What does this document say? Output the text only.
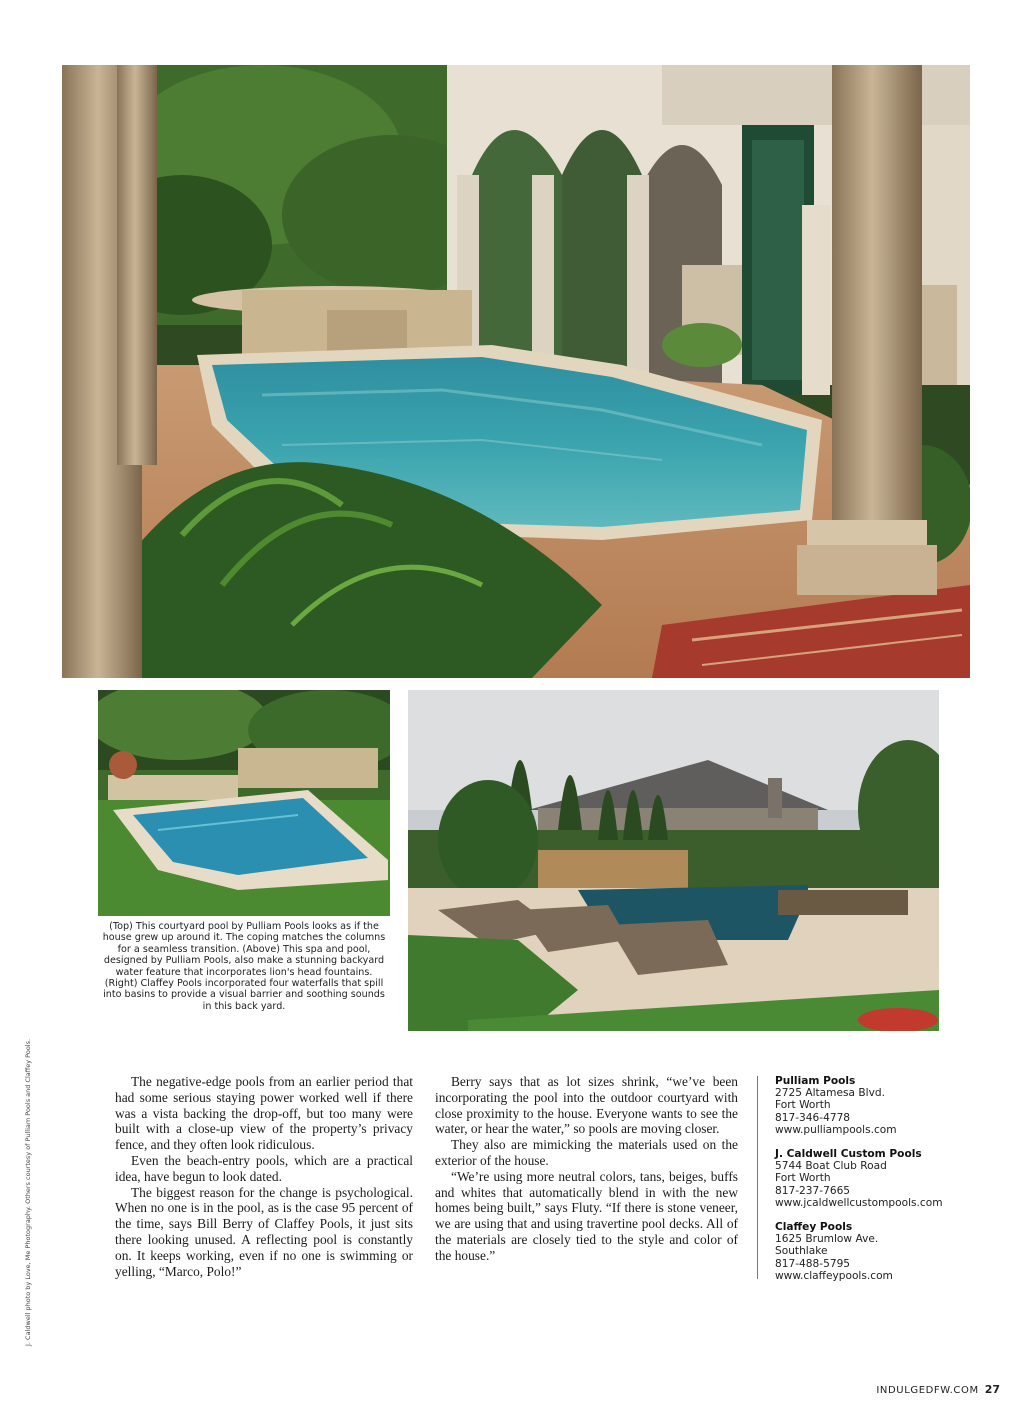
(Top) This courtyard pool by Pulliam Pools looks as if the house grew up around it. The coping matches the columns for a seamless transition. (Above) This spa and pool, designed by Pulliam Pools, also make a stunning backyard water feature that incorporates lion's head fountains. (Right) Claffey Pools incorporated four waterfalls that spill into basins to provide a visual barrier and soothing sounds in this back yard.
J. Caldwell photo by Love, Me Photography. Others courtesy of Pulliam Pools and Claffey Pools.	The negative-edge pools from an earlier period that had some serious staying power worked well if there was a vista backing the drop-off, but too many were built with a close-up view of the property’s privacy fence, and they often look ridiculous.

Even the beach-entry pools, which are a practical idea, have begun to look dated.

The biggest reason for the change is psychological. When no one is in the pool, as is the case 95 percent of the time, says Bill Berry of Claffey Pools, it just sits there looking unused. A reflecting pool is constantly on. It keeps working, even if no one is swimming or yelling, “Marco, Polo!”

Berry says that as lot sizes shrink, “we’ve been incorporating the pool into the outdoor courtyard with close proximity to the house. Everyone wants to see the water, or hear the water,” so pools are moving closer.

They also are mimicking the materials used on the exterior of the house.

“We’re using more neutral colors, tans, beiges, buffs and whites that automatically blend in with the new homes being built,” says Fluty. “If there is stone veneer, we are using that and using travertine pool decks. All of the materials are closely tied to the style and color of the house.”

Pulliam Pools
2725 Altamesa Blvd.
Fort Worth
817-346-4778
www.pulliampools.com
J. Caldwell Custom Pools
5744 Boat Club Road
Fort Worth
817-237-7665
www.jcaldwellcustompools.com
Claffey Pools
1625 Brumlow Ave.
Southlake
817-488-5795
www.claffeypools.com
INDULGEDFW.COM 27
